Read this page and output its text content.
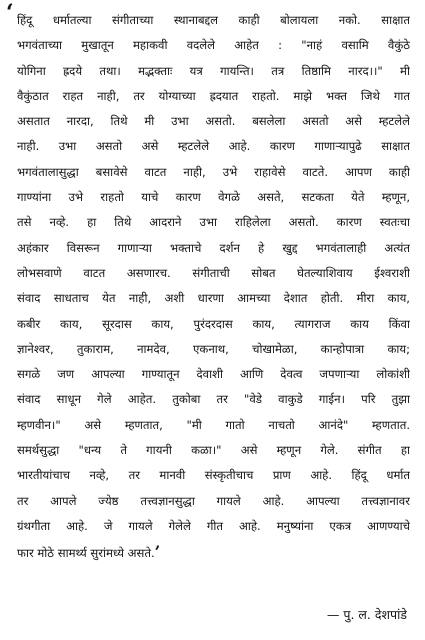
‘ हिंदू धर्मातल्या संगीताच्या स्थानाबद्दल काही बोलायला नको. साक्षात
भगवंताच्या मुखातून महाकवी वदलेले आहेत : "नाहं वसामि वैकुंठे
योगिना ह्रदये तथा। मद्भक्ताः यत्र गायन्ति। तत्र तिष्ठामि नारद।।" मी
वैकुंठात राहत नाही, तर योग्याच्या ह्रदयात राहतो. माझे भक्त जिथे गात
असतात नारदा, तिथे मी उभा असतो. बसलेला असतो असे म्हटलेले
नाही. उभा असतो असे म्हटलेले आहे. कारण गाणाऱ्यापुढे साक्षात
भगवंतालासुद्धा बसावेसे वाटत नाही, उभे राहावेसे वाटते. आपण काही
गाण्यांना उभे राहतो याचे कारण वेगळे असते, सटकता येते म्हणून,
तसे नव्हे. हा तिथे आदराने उभा राहिलेला असतो. कारण स्वतःचा
अहंकार विसरून गाणाऱ्या भक्ताचे दर्शन हे खुद्द भगवंतालाही अत्यंत
लोभसवाणे वाटत असणारच. संगीताची सोबत घेतल्याशिवाय ईश्वराशी
संवाद साधताच येत नाही, अशी धारणा आमच्या देशात होती. मीरा काय,
कबीर काय, सूरदास काय, पुरंदरदास काय, त्यागराज काय किंवा
ज्ञानेश्वर, तुकाराम, नामदेव, एकनाथ, चोखामेळा, कान्होपात्रा काय;
सगळे जण आपल्या गाण्यातून देवाशी आणि देवत्व जपणाऱ्या लोकांशी
संवाद साधून गेले आहेत. तुकोबा तर "वेडे वाकुडे गाईन। परि तुझा
म्हणवीन।" असे म्हणतात, "मी गातो नाचतो आनंदे" म्हणतात.
समर्थसुद्धा "धन्य ते गायनी कळा।" असे म्हणून गेले. संगीत हा
भारतीयांचाच नव्हे, तर मानवी संस्कृतीचाच प्राण आहे. हिंदू धर्मात
तर आपले ज्येष्ठ तत्त्वज्ञानसुद्धा गायले आहे. आपल्या तत्त्वज्ञानावर
ग्रंथगीता आहे. जे गायले गेलेले गीत आहे. मनुष्यांना एकत्र आणण्याचे
फार मोठे सामर्थ्य सुरांमध्ये असते.’
— पु. ल. देशपांडे
